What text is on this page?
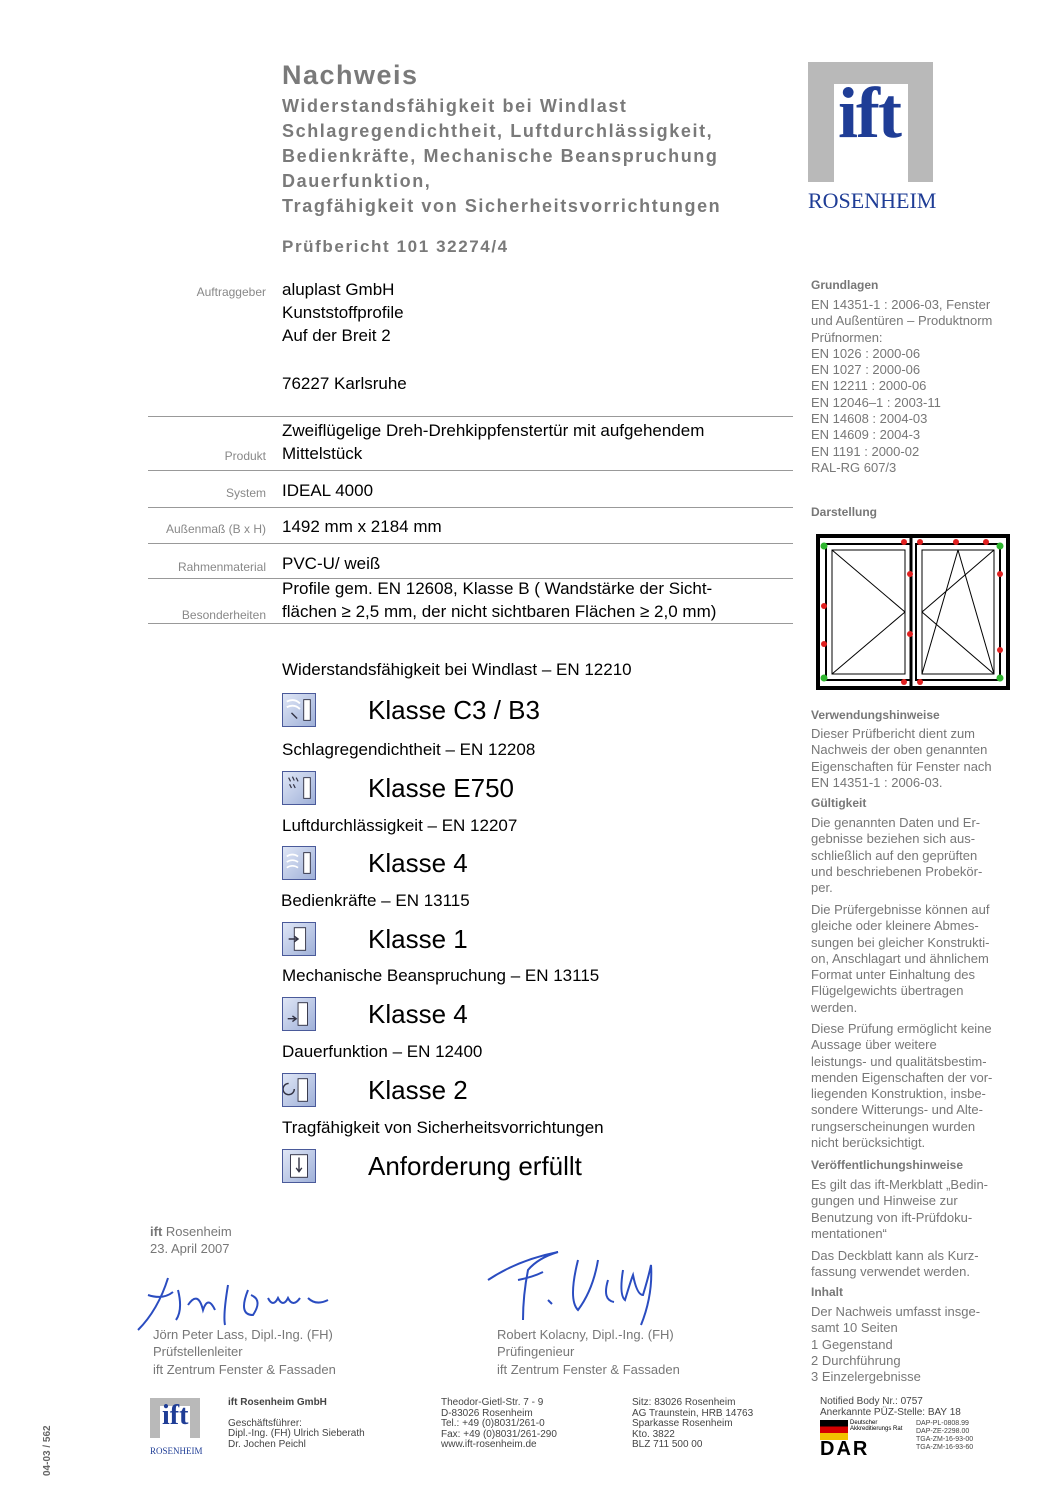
Nachweis
Widerstandsfähigkeit bei Windlast
Schlagregendichtheit, Luftdurchlässigkeit,
Bedienkräfte, Mechanische Beanspruchung
Dauerfunktion,
Tragfähigkeit von Sicherheitsvorrichtungen
Prüfbericht 101 32274/4
ift
ROSENHEIM
Auftraggeber aluplast GmbH
Kunststoffprofile
Auf der Breit 2
76227 Karlsruhe
Zweiflügelige Dreh-Drehkippfenstertür mit aufgehendem
Mittelstück
Produkt
IDEAL 4000
System
1492 mm x 2184 mm
Außenmaß (B x H)
PVC-U/ weiß
Rahmenmaterial
Profile gem. EN 12608, Klasse B ( Wandstärke der Sicht-
flächen ≥ 2,5 mm, der nicht sichtbaren Flächen ≥ 2,0 mm)
Besonderheiten
Widerstandsfähigkeit bei Windlast – EN 12210
Klasse C3 / B3
Schlagregendichtheit – EN 12208
Klasse E750
Luftdurchlässigkeit – EN 12207
Klasse 4
Bedienkräfte – EN 13115
Klasse 1
Mechanische Beanspruchung – EN 13115
Klasse 4
Dauerfunktion – EN 12400
Klasse 2
Tragfähigkeit von Sicherheitsvorrichtungen
Anforderung erfüllt
ift Rosenheim
23. April 2007
Jörn Peter Lass, Dipl.-Ing. (FH)
Prüfstellenleiter
ift Zentrum Fenster & Fassaden
Robert Kolacny, Dipl.-Ing. (FH)
Prüfingenieur
ift Zentrum Fenster & Fassaden
Grundlagen
EN 14351-1 : 2006-03, Fenster
und Außentüren – Produktnorm
Prüfnormen:
EN 1026 : 2000-06
EN 1027 : 2000-06
EN 12211 : 2000-06
EN 12046–1 : 2003-11
EN 14608 : 2004-03
EN 14609 : 2004-3
EN 1191 : 2000-02
RAL-RG 607/3
Darstellung
Verwendungshinweise
Dieser Prüfbericht dient zum
Nachweis der oben genannten
Eigenschaften für Fenster nach
EN 14351-1 : 2006-03.
Gültigkeit
Die genannten Daten und Er-
gebnisse beziehen sich aus-
schließlich auf den geprüften
und beschriebenen Probekör-
per.
Die Prüfergebnisse können auf
gleiche oder kleinere Abmes-
sungen bei gleicher Konstrukti-
on, Anschlagart und ähnlichem
Format unter Einhaltung des
Flügelgewichts übertragen
werden.
Diese Prüfung ermöglicht keine
Aussage über weitere
leistungs- und qualitätsbestim-
menden Eigenschaften der vor-
liegenden Konstruktion, insbe-
sondere Witterungs- und Alte-
rungserscheinungen wurden
nicht berücksichtigt.
Veröffentlichungshinweise
Es gilt das ift-Merkblatt „Bedin-
gungen und Hinweise zur
Benutzung von ift-Prüfdoku-
mentationen“
Das Deckblatt kann als Kurz-
fassung verwendet werden.
Inhalt
Der Nachweis umfasst insge-
samt 10 Seiten
1 Gegenstand
2 Durchführung
3 Einzelergebnisse
04-03 / 562
ift
ROSENHEIM
ift Rosenheim GmbH
Geschäftsführer:
Dipl.-Ing. (FH) Ulrich Sieberath
Dr. Jochen Peichl
Theodor-Gietl-Str. 7 - 9
D-83026 Rosenheim
Tel.: +49 (0)8031/261-0
Fax: +49 (0)8031/261-290
www.ift-rosenheim.de
Sitz: 83026 Rosenheim
AG Traunstein, HRB 14763
Sparkasse Rosenheim
Kto. 3822
BLZ 711 500 00
Notified Body Nr.: 0757
Anerkannte PÜZ-Stelle: BAY 18
Deutscher Akkreditierungs Rat
DAR
DAP-PL-0808.99
DAP-ZE-2298.00
TGA-ZM-16-93-00
TGA-ZM-16-93-60
